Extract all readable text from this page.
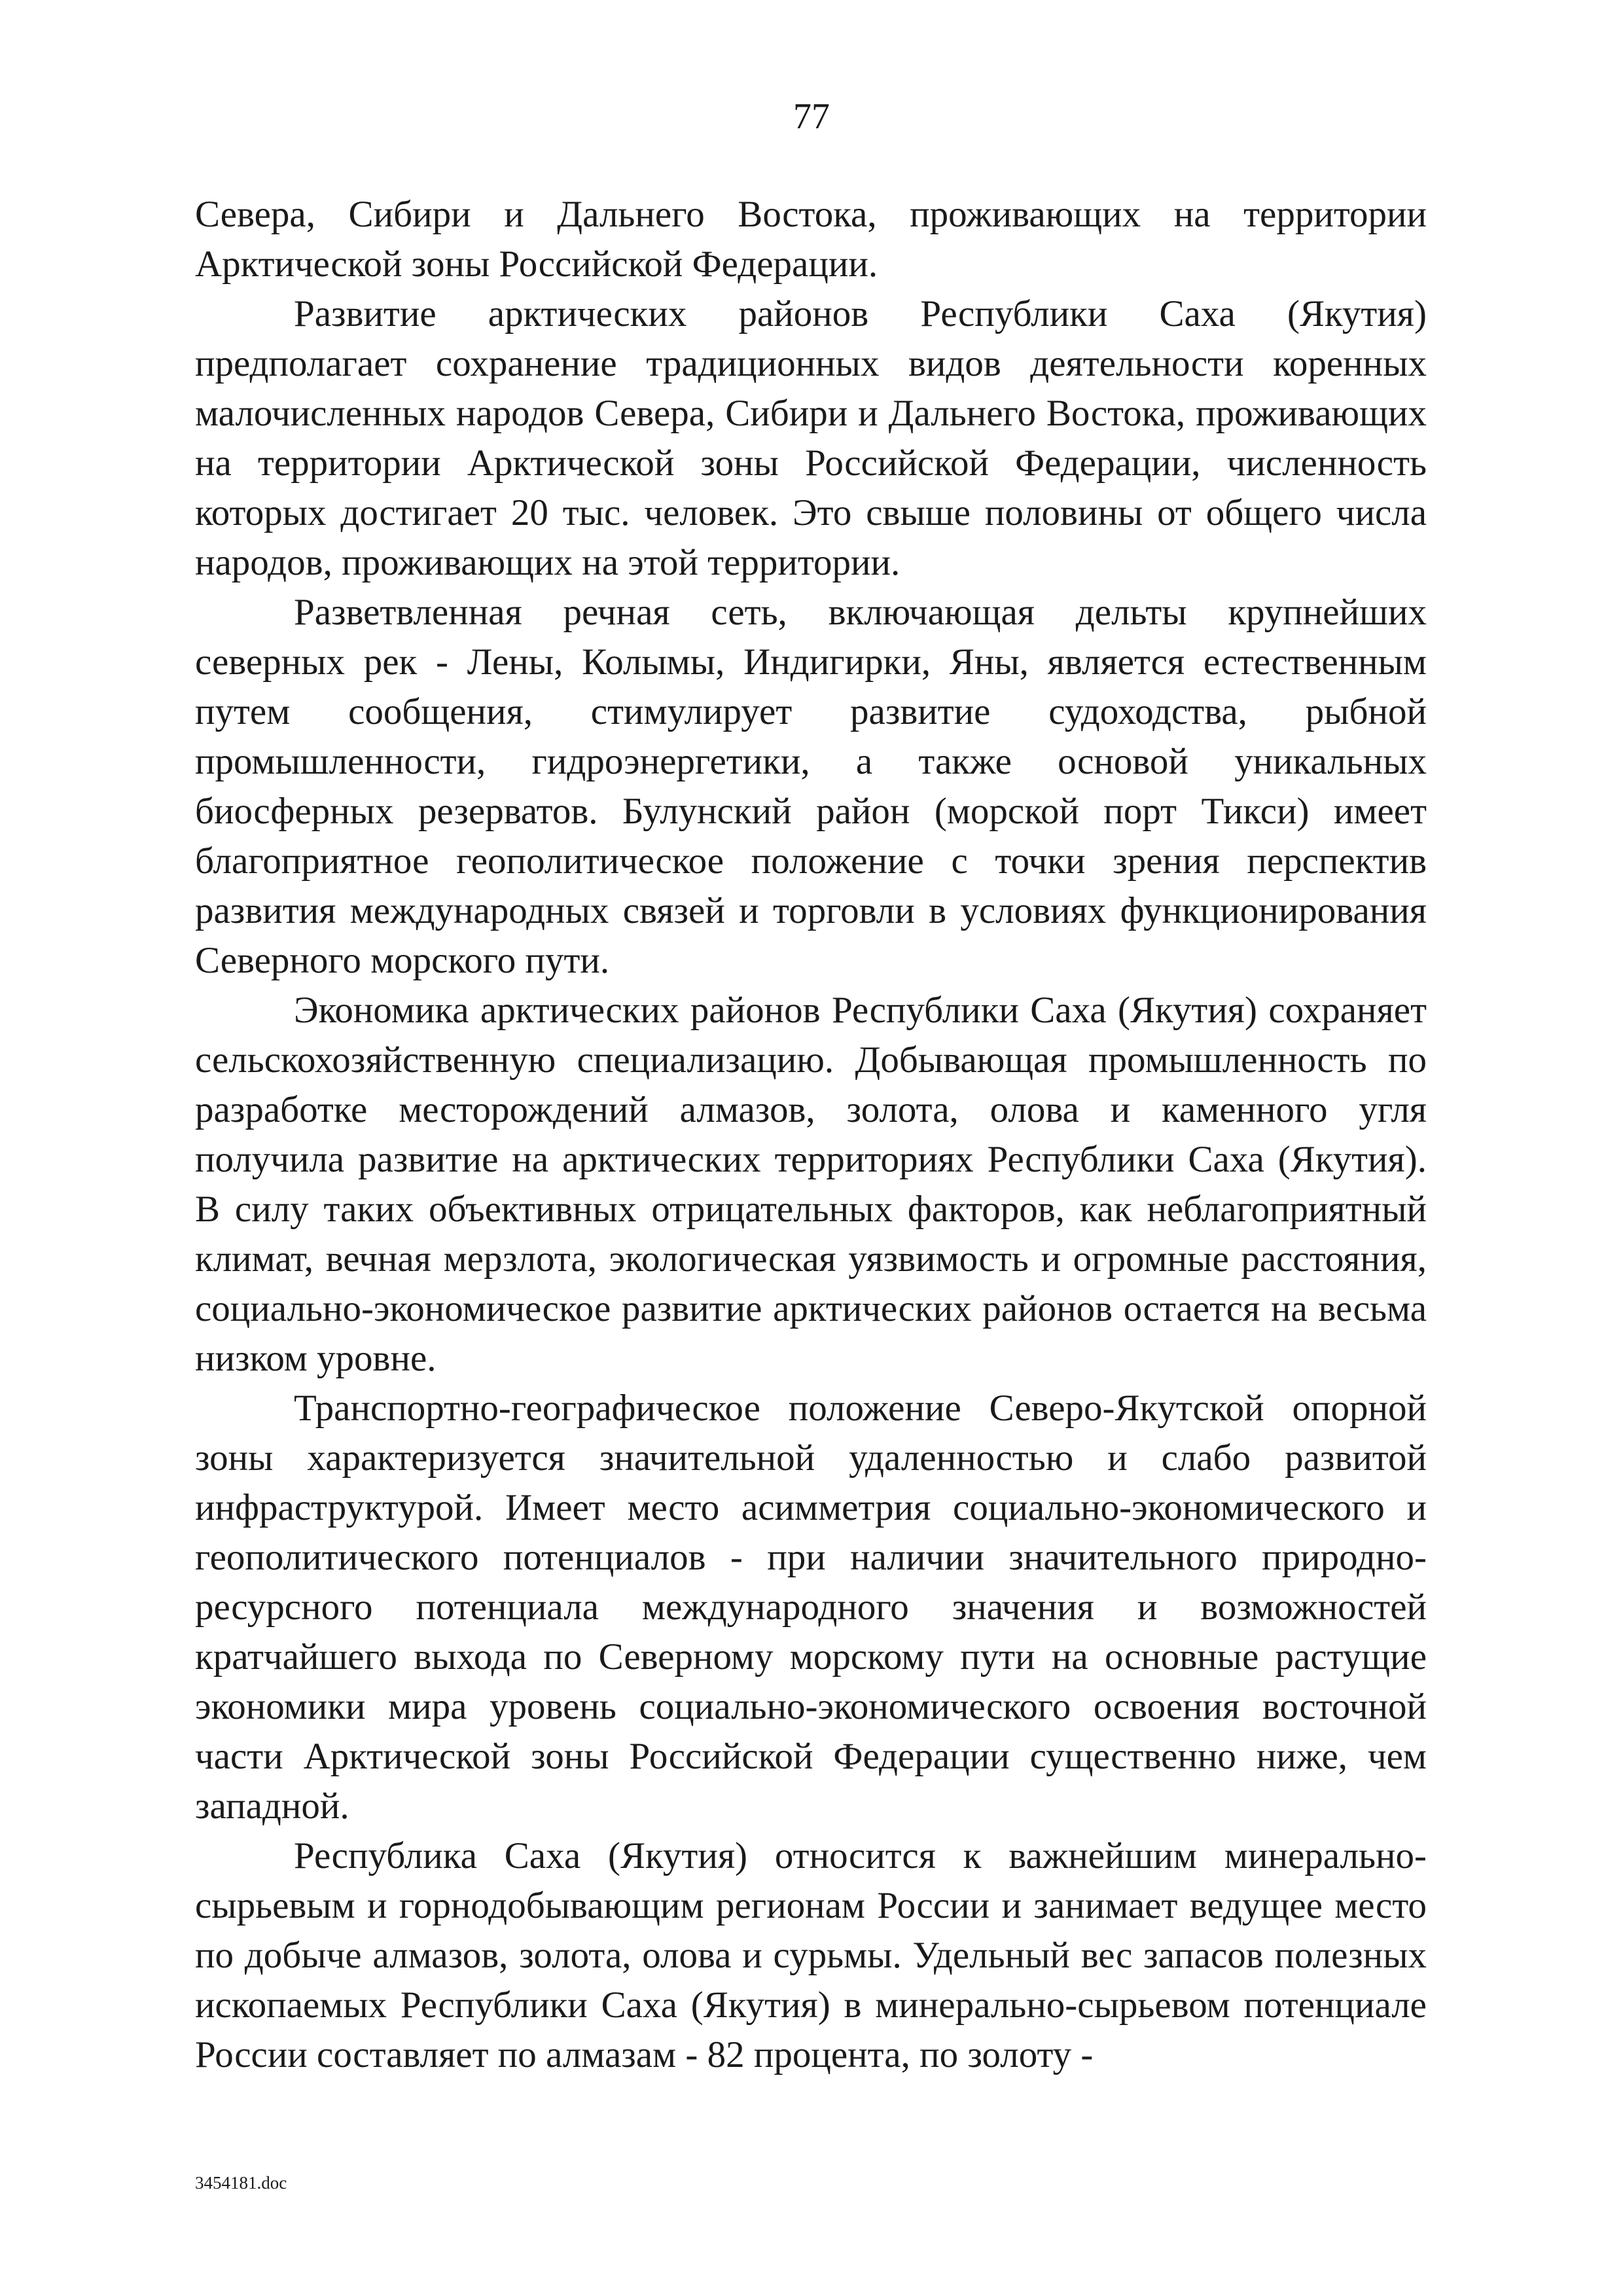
77

Севера, Сибири и Дальнего Востока, проживающих на территории Арктической зоны Российской Федерации.

Развитие арктических районов Республики Саха (Якутия) предполагает сохранение традиционных видов деятельности коренных малочисленных народов Севера, Сибири и Дальнего Востока, проживающих на территории Арктической зоны Российской Федерации, численность которых достигает 20 тыс. человек. Это свыше половины от общего числа народов, проживающих на этой территории.

Разветвленная речная сеть, включающая дельты крупнейших северных рек - Лены, Колымы, Индигирки, Яны, является естественным путем сообщения, стимулирует развитие судоходства, рыбной промышленности, гидроэнергетики, а также основой уникальных биосферных резерватов. Булунский район (морской порт Тикси) имеет благоприятное геополитическое положение с точки зрения перспектив развития международных связей и торговли в условиях функционирования Северного морского пути.

Экономика арктических районов Республики Саха (Якутия) сохраняет сельскохозяйственную специализацию. Добывающая промышленность по разработке месторождений алмазов, золота, олова и каменного угля получила развитие на арктических территориях Республики Саха (Якутия). В силу таких объективных отрицательных факторов, как неблагоприятный климат, вечная мерзлота, экологическая уязвимость и огромные расстояния, социально-экономическое развитие арктических районов остается на весьма низком уровне.

Транспортно-географическое положение Северо-Якутской опорной зоны характеризуется значительной удаленностью и слабо развитой инфраструктурой. Имеет место асимметрия социально-экономического и геополитического потенциалов - при наличии значительного природно-ресурсного потенциала международного значения и возможностей кратчайшего выхода по Северному морскому пути на основные растущие экономики мира уровень социально-экономического освоения восточной части Арктической зоны Российской Федерации существенно ниже, чем западной.

Республика Саха (Якутия) относится к важнейшим минерально-сырьевым и горнодобывающим регионам России и занимает ведущее место по добыче алмазов, золота, олова и сурьмы. Удельный вес запасов полезных ископаемых Республики Саха (Якутия) в минерально-сырьевом потенциале России составляет по алмазам - 82 процента, по золоту -

3454181.doc
